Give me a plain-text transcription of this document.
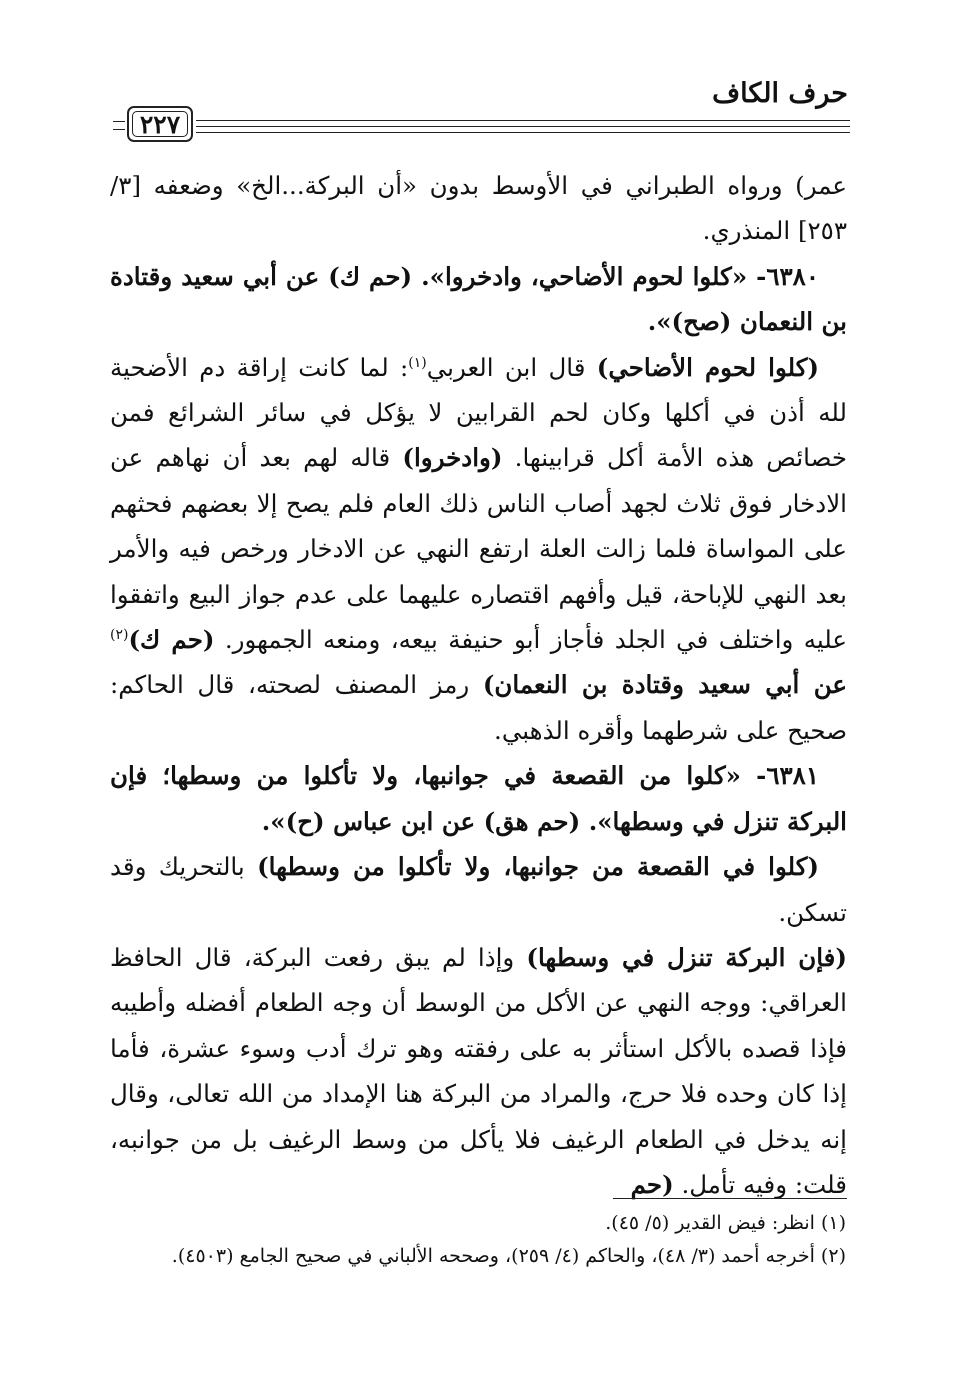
حرف الكاف
٢٢٧

عمر) ورواه الطبراني في الأوسط بدون «أن البركة...الخ» وضعفه [٣/ ٢٥٣] المنذري.

٦٣٨٠- «كلوا لحوم الأضاحي، وادخروا». (حم ك) عن أبي سعيد وقتادة بن النعمان (صح)».

(كلوا لحوم الأضاحي) قال ابن العربي$^{(١)}$: لما كانت إراقة دم الأضحية لله أذن في أكلها وكان لحم القرابين لا يؤكل في سائر الشرائع فمن خصائص هذه الأمة أكل قرابينها. (وادخروا) قاله لهم بعد أن نهاهم عن الادخار فوق ثلاث لجهد أصاب الناس ذلك العام فلم يصح إلا بعضهم فحثهم على المواساة فلما زالت العلة ارتفع النهي عن الادخار ورخص فيه والأمر بعد النهي للإباحة، قيل وأفهم اقتصاره عليهما على عدم جواز البيع واتفقوا عليه واختلف في الجلد فأجاز أبو حنيفة بيعه، ومنعه الجمهور. (حم ك)$^{(٢)}$ عن أبي سعيد وقتادة بن النعمان) رمز المصنف لصحته، قال الحاكم: صحيح على شرطهما وأقره الذهبي.

٦٣٨١- «كلوا من القصعة في جوانبها، ولا تأكلوا من وسطها؛ فإن البركة تنزل في وسطها». (حم هق) عن ابن عباس (ح)».

(كلوا في القصعة من جوانبها، ولا تأكلوا من وسطها) بالتحريك وقد تسكن.

(فإن البركة تنزل في وسطها) وإذا لم يبق رفعت البركة، قال الحافظ العراقي: ووجه النهي عن الأكل من الوسط أن وجه الطعام أفضله وأطيبه فإذا قصده بالأكل استأثر به على رفقته وهو ترك أدب وسوء عشرة، فأما إذا كان وحده فلا حرج، والمراد من البركة هنا الإمداد من الله تعالى، وقال إنه يدخل في الطعام الرغيف فلا يأكل من وسط الرغيف بل من جوانبه، قلت: وفيه تأمل. (حم

(١) انظر: فيض القدير (٥/ ٤٥).

(٢) أخرجه أحمد (٣/ ٤٨)، والحاكم (٤/ ٢٥٩)، وصححه الألباني في صحيح الجامع (٤٥٠٣).
